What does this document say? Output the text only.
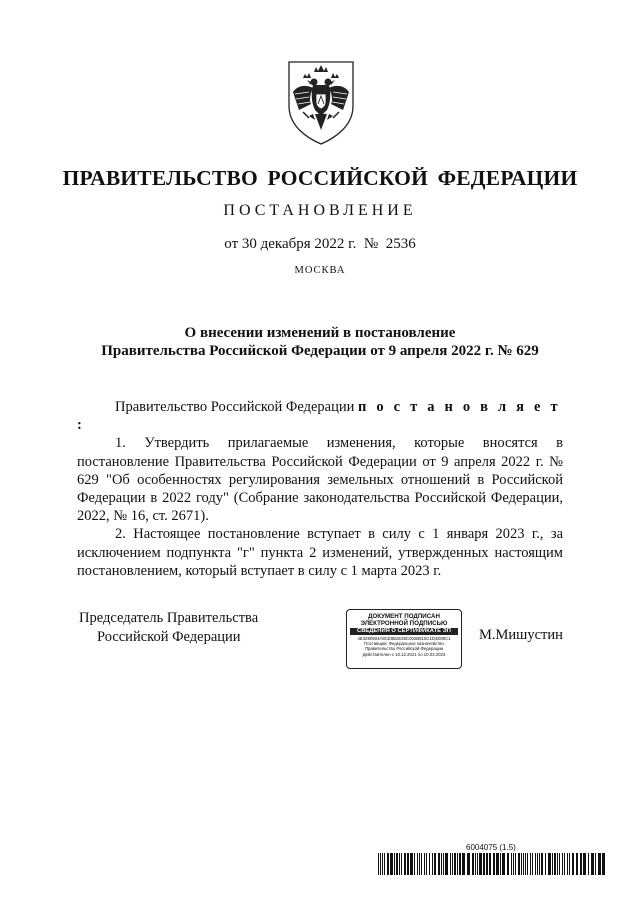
ПРАВИТЕЛЬСТВО РОССИЙСКОЙ ФЕДЕРАЦИИ
ПОСТАНОВЛЕНИЕ
от 30 декабря 2022 г.  №  2536
МОСКВА
О внесении изменений в постановление
Правительства Российской Федерации от 9 апреля 2022 г. № 629

Правительство Российской Федерации п о с т а н о в л я е т :

1. Утвердить прилагаемые изменения, которые вносятся в постановление Правительства Российской Федерации от 9 апреля 2022 г. № 629 "Об особенностях регулирования земельных отношений в Российской Федерации в 2022 году" (Собрание законодательства Российской Федерации, 2022, № 16, ст. 2671).

2. Настоящее постановление вступает в силу с 1 января 2023 г., за исключением подпункта "г" пункта 2 изменений, утвержденных настоящим постановлением, который вступает в силу с 1 марта 2023 г.

Председатель Правительства
Российской Федерации
ДОКУМЕНТ ПОДПИСАН
ЭЛЕКТРОННОЙ ПОДПИСЬЮ
СВЕДЕНИЯ О СЕРТИФИКАТЕ ЭП
4E4280504A8CE8B2E26C002B815C1D4E89C1
Поставщик: Федеральное казначейство
Правительство Российской Федерации
Действителен с 10.12.2021 по 10.03.2023
М.Мишустин
6004075 (1.5)
